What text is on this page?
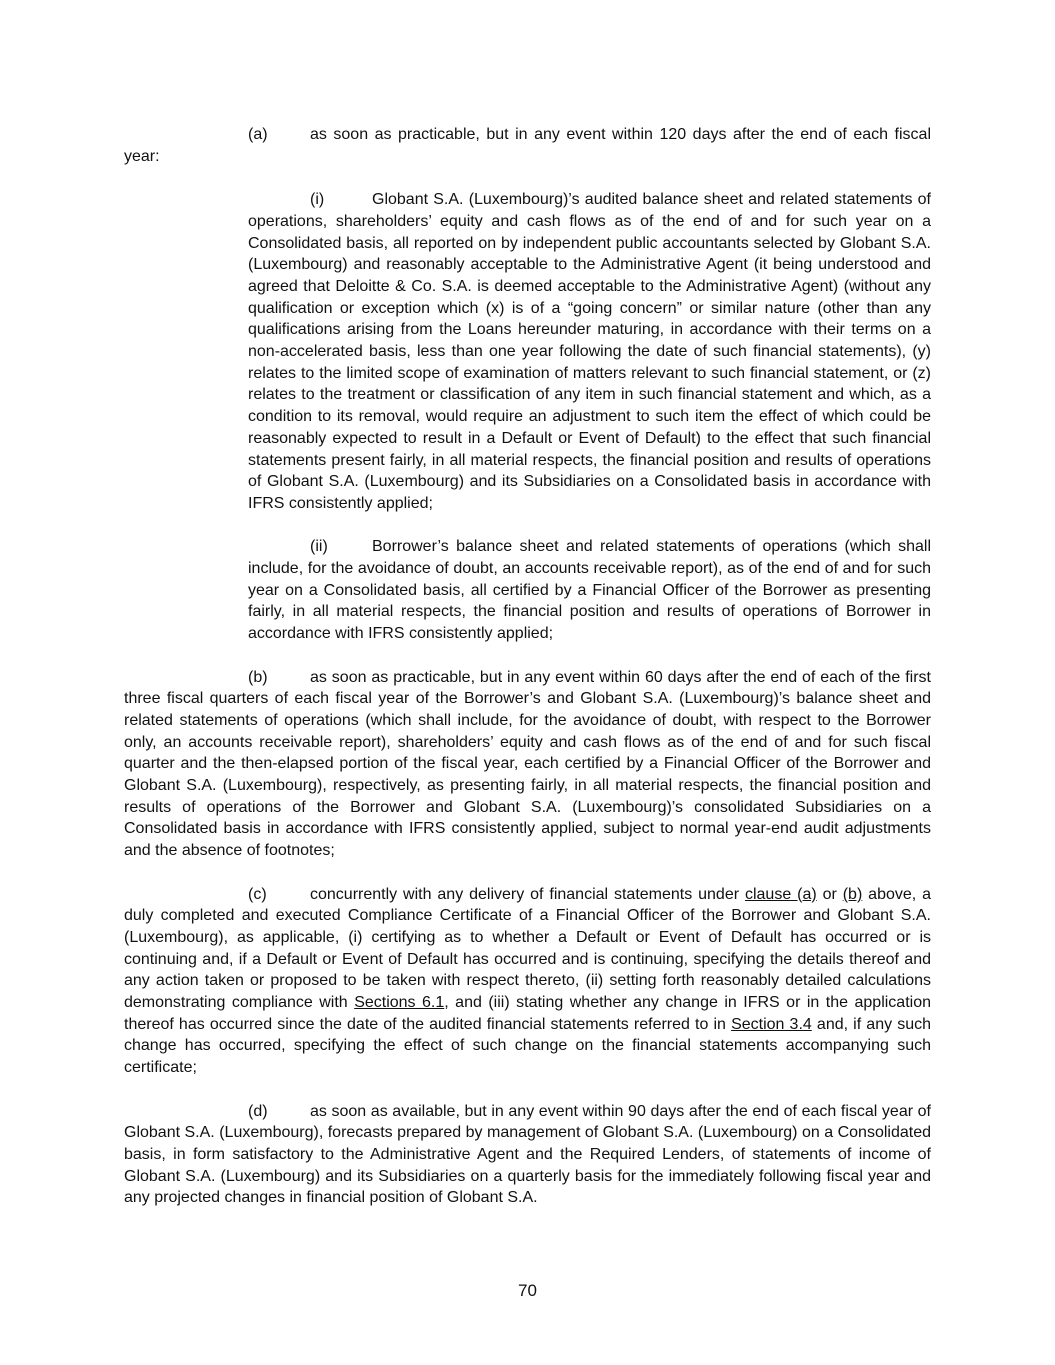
(a)	as soon as practicable, but in any event within 120 days after the end of each fiscal year:

(i)	Globant S.A. (Luxembourg)’s audited balance sheet and related statements of operations, shareholders’ equity and cash flows as of the end of and for such year on a Consolidated basis, all reported on by independent public accountants selected by Globant S.A. (Luxembourg) and reasonably acceptable to the Administrative Agent (it being understood and agreed that Deloitte & Co. S.A. is deemed acceptable to the Administrative Agent) (without any qualification or exception which (x) is of a “going concern” or similar nature (other than any qualifications arising from the Loans hereunder maturing, in accordance with their terms on a non-accelerated basis, less than one year following the date of such financial statements), (y) relates to the limited scope of examination of matters relevant to such financial statement, or (z) relates to the treatment or classification of any item in such financial statement and which, as a condition to its removal, would require an adjustment to such item the effect of which could be reasonably expected to result in a Default or Event of Default) to the effect that such financial statements present fairly, in all material respects, the financial position and results of operations of Globant S.A. (Luxembourg) and its Subsidiaries on a Consolidated basis in accordance with IFRS consistently applied;

(ii)	Borrower’s balance sheet and related statements of operations (which shall include, for the avoidance of doubt, an accounts receivable report), as of the end of and for such year on a Consolidated basis, all certified by a Financial Officer of the Borrower as presenting fairly, in all material respects, the financial position and results of operations of Borrower in accordance with IFRS consistently applied;

(b)	as soon as practicable, but in any event within 60 days after the end of each of the first three fiscal quarters of each fiscal year of the Borrower’s and Globant S.A. (Luxembourg)’s balance sheet and related statements of operations (which shall include, for the avoidance of doubt, with respect to the Borrower only, an accounts receivable report), shareholders’ equity and cash flows as of the end of and for such fiscal quarter and the then-elapsed portion of the fiscal year, each certified by a Financial Officer of the Borrower and Globant S.A. (Luxembourg), respectively, as presenting fairly, in all material respects, the financial position and results of operations of the Borrower and Globant S.A. (Luxembourg)’s consolidated Subsidiaries on a Consolidated basis in accordance with IFRS consistently applied, subject to normal year-end audit adjustments and the absence of footnotes;

(c)	concurrently with any delivery of financial statements under clause (a) or (b) above, a duly completed and executed Compliance Certificate of a Financial Officer of the Borrower and Globant S.A. (Luxembourg), as applicable, (i) certifying as to whether a Default or Event of Default has occurred or is continuing and, if a Default or Event of Default has occurred and is continuing, specifying the details thereof and any action taken or proposed to be taken with respect thereto, (ii) setting forth reasonably detailed calculations demonstrating compliance with Sections 6.1, and (iii) stating whether any change in IFRS or in the application thereof has occurred since the date of the audited financial statements referred to in Section 3.4 and, if any such change has occurred, specifying the effect of such change on the financial statements accompanying such certificate;

(d)	as soon as available, but in any event within 90 days after the end of each fiscal year of Globant S.A. (Luxembourg), forecasts prepared by management of Globant S.A. (Luxembourg) on a Consolidated basis, in form satisfactory to the Administrative Agent and the Required Lenders, of statements of income of Globant S.A. (Luxembourg) and its Subsidiaries on a quarterly basis for the immediately following fiscal year and any projected changes in financial position of Globant S.A.

70
